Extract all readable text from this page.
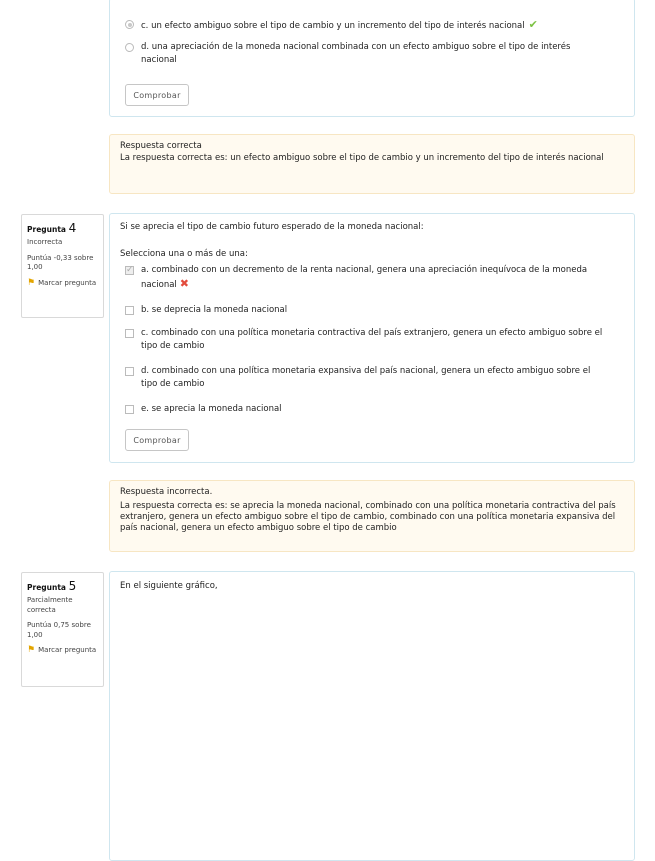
c. un efecto ambiguo sobre el tipo de cambio y un incremento del tipo de interés nacional ✔
d. una apreciación de la moneda nacional combinada con un efecto ambiguo sobre el tipo de interés nacional
Comprobar
Respuesta correcta
La respuesta correcta es: un efecto ambiguo sobre el tipo de cambio y un incremento del tipo de interés nacional
Pregunta 4
Incorrecta
Puntúa -0,33 sobre 1,00
⚑ Marcar pregunta
Si se aprecia el tipo de cambio futuro esperado de la moneda nacional:
Selecciona una o más de una:
✓
a. combinado con un decremento de la renta nacional, genera una apreciación inequívoca de la moneda nacional ✖
b. se deprecia la moneda nacional
c. combinado con una política monetaria contractiva del país extranjero, genera un efecto ambiguo sobre el tipo de cambio
d. combinado con una política monetaria expansiva del país nacional, genera un efecto ambiguo sobre el tipo de cambio
e. se aprecia la moneda nacional
Comprobar
Respuesta incorrecta.
La respuesta correcta es: se aprecia la moneda nacional, combinado con una política monetaria contractiva del país extranjero, genera un efecto ambiguo sobre el tipo de cambio, combinado con una política monetaria expansiva del país nacional, genera un efecto ambiguo sobre el tipo de cambio
Pregunta 5
Parcialmente correcta
Puntúa 0,75 sobre 1,00
⚑ Marcar pregunta
En el siguiente gráfico,
